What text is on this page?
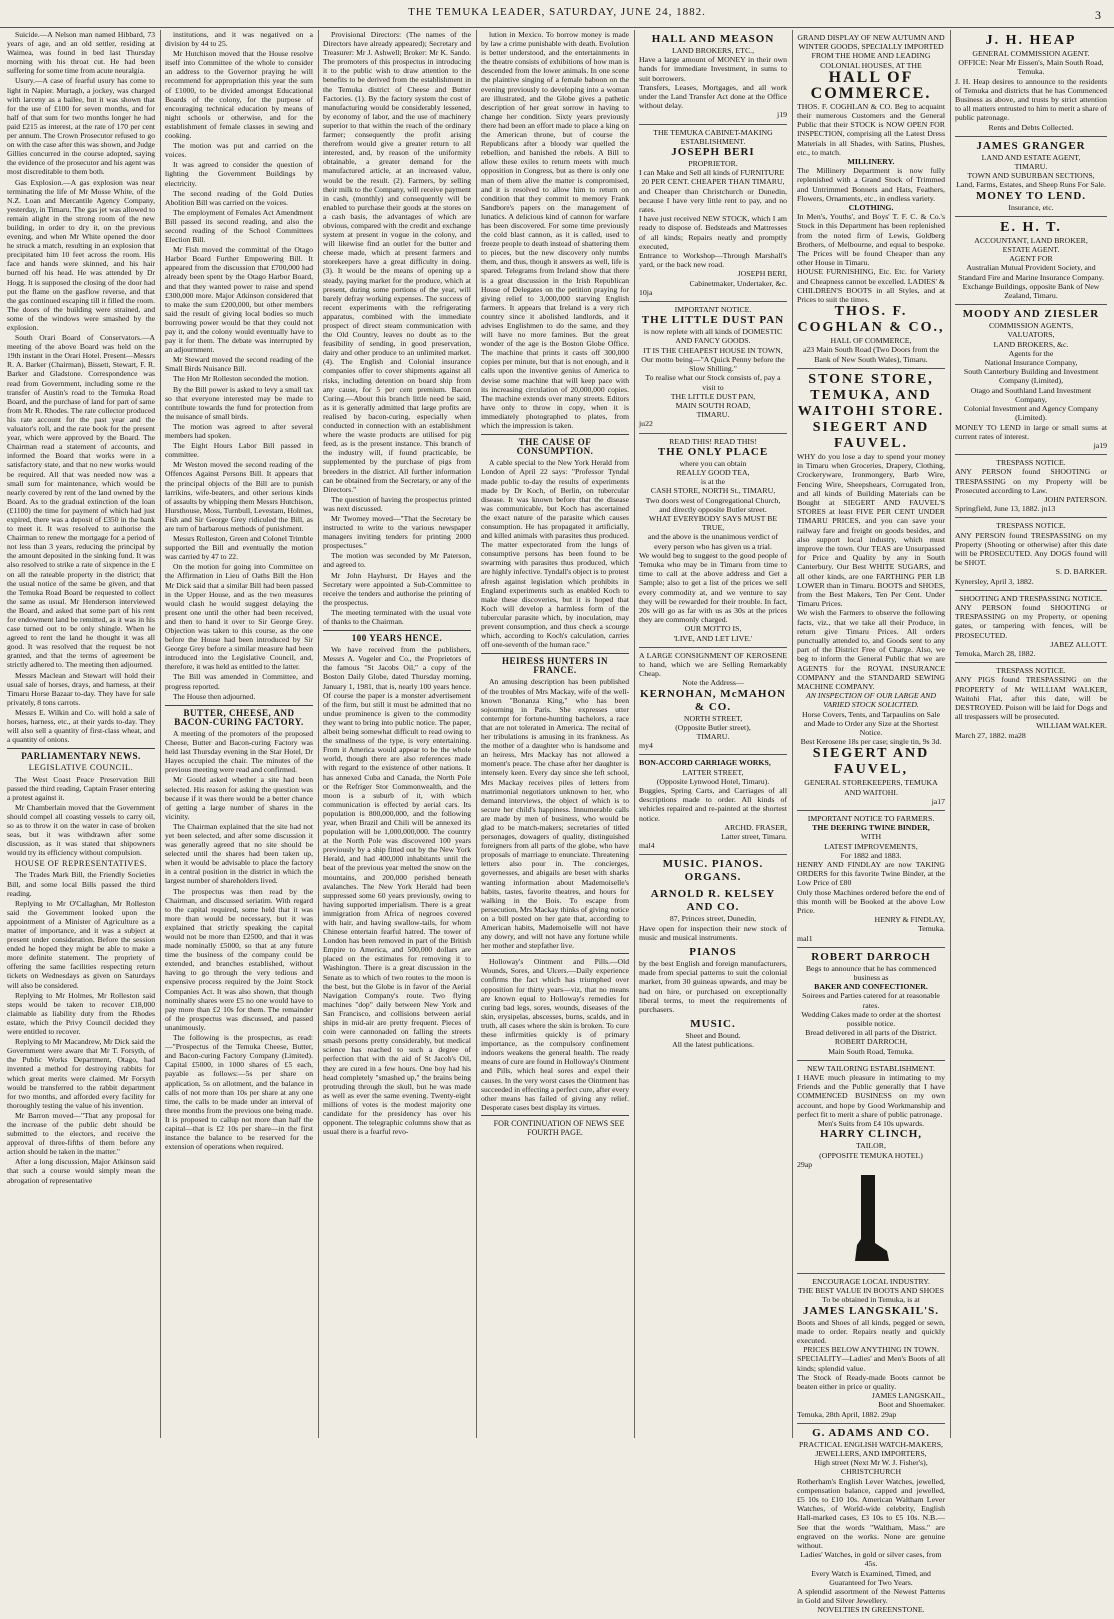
THE TEMUKA LEADER, SATURDAY, JUNE 24, 1882.	3

Suicide.—A Nelson man named Hibbard, 73 years of age, and an old settler, residing at Waimea, was found in bed last Thursday morning with his throat cut. He had been suffering for some time from acute neuralgia.

Usury.—A case of fearful usury has come to light in Napier. Murtagh, a jockey, was charged with larceny as a bailee, but it was shown that for the use of £100 for seven months, and for half of that sum for two months longer he had paid £215 as interest, at the rate of 170 per cent per annum. The Crown Prosecutor refused to go on with the case after this was shown, and Judge Gillies concurred in the course adopted, saying the evidence of the prosecutor and his agent was most discreditable to them both.

Gas Explosion.—A gas explosion was near terminating the life of Mr Mosse White, of the N.Z. Loan and Mercantile Agency Company, yesterday, in Timaru. The gas jet was allowed to remain alight in the strong room of the new building, in order to dry it, on the previous evening, and when Mr White opened the door he struck a match, resulting in an explosion that precipitated him 10 feet across the room. His face and hands were skinned, and his hair burned off his head. He was attended by Dr Hogg. It is supposed the closing of the door had put the flame on the gasflow reverse, and that the gas continued escaping till it filled the room. The doors of the building were strained, and some of the windows were smashed by the explosion.

South Orari Board of Conservators.—A meeting of the above Board was held on the 19th instant in the Orari Hotel. Present—Messrs R. A. Barker (Chairman), Bissett, Stewart, F. R. Barker and Gladstone. Correspondence was read from Government, including some re the transfer of Austin's road to the Temuka Road Board, and the purchase of land for part of same from Mr R. Rhodes. The rate collector produced his rate account for the past year and the valuator's roll, and the rate book for the present year, which were approved by the Board. The Chairman read a statement of accounts, and informed the Board that works were in a satisfactory state, and that no new works would be required. All that was needed now was a small sum for maintenance, which would be nearly covered by rent of the land owned by the Board. As to the gradual extinction of the loan (£1100) the time for payment of which had just expired, there was a deposit of £350 in the bank to meet it. It was resolved to authorise the Chairman to renew the mortgage for a period of not less than 3 years, reducing the principal by the amount deposited in the sinking fund. It was also resolved to strike a rate of sixpence in the £ on all the rateable property in the district; that the usual notice of the same be given, and that the Temuka Road Board be requested to collect the same as usual. Mr Henderson interviewed the Board, and asked that some part of his rent for endowment land be remitted, as it was in his case turned out to be only shingle. When he agreed to rent the land he thought it was all good. It was resolved that the request be not granted, and that the terms of agreement be strictly adhered to. The meeting then adjourned.

Messrs Maclean and Stewart will hold their usual sale of horses, drays, and harness, at their Timaru Horse Bazaar to-day. They have for sale privately, 8 tons carrots.

Messrs E. Wilkin and Co. will hold a sale of horses, harness, etc., at their yards to-day. They will also sell a quantity of first-class wheat, and a quantity of onions.

PARLIAMENTARY NEWS.
LEGISLATIVE COUNCIL.

The West Coast Peace Preservation Bill passed the third reading, Captain Fraser entering a protest against it.

Mr Chamberlain moved that the Government should compel all coasting vessels to carry oil, so as to throw it on the water in case of broken seas, but it was withdrawn after some discussion, as it was stated that shipowners would try its efficiency without compulsion.

HOUSE OF REPRESENTATIVES.

The Trades Mark Bill, the Friendly Societies Bill, and some local Bills passed the third reading.

Replying to Mr O'Callaghan, Mr Rolleston said the Government looked upon the appointment of a Minister of Agriculture as a matter of importance, and it was a subject at present under consideration. Before the session ended he hoped they might be able to make a more definite statement. The propriety of offering the same facilities respecting return tickets on Wednesdays as given on Saturdays will also be considered.

Replying to Mr Holmes, Mr Rolleston said steps would be taken to recover £18,000 claimable as liability duty from the Rhodes estate, which the Privy Council decided they were entitled to recover.

Replying to Mr Macandrew, Mr Dick said the Government were aware that Mr T. Forsyth, of the Public Works Department, Otago, had invented a method for destroying rabbits for which great merits were claimed. Mr Forsyth would be transferred to the rabbit department for two months, and afforded every facility for thoroughly testing the value of his invention.

Mr Barron moved—"That any proposal for the increase of the public debt should be submitted to the electors, and receive the approval of three-fifths of them before any action should be taken in the matter."

After a long discussion, Major Atkinson said that such a course would simply mean the abrogation of representative

institutions, and it was negatived on a division by 44 to 25.

Mr Hutchison moved that the House resolve itself into Committee of the whole to consider an address to the Governor praying he will recommend for appropriation this year the sum of £1000, to be divided amongst Educational Boards of the colony, for the purpose of encouraging technical education by means of night schools or otherwise, and for the establishment of female classes in sewing and cooking.

The motion was put and carried on the voices.

It was agreed to consider the question of lighting the Government Buildings by electricity.

The second reading of the Gold Duties Abolition Bill was carried on the voices.

The employment of Females Act Amendment Bill passed its second reading, and also the second reading of the School Committees Election Bill.

Mr Fish moved the committal of the Otago Harbor Board Further Empowering Bill. It appeared from the discussion that £700,000 had already been spent by the Otago Harbor Board, and that they wanted power to raise and spend £300,000 more. Major Atkinson considered that to make the sum £200,000, but other members said the result of giving local bodies so much borrowing power would be that they could not pay it, and the colony would eventually have to pay it for them. The debate was interrupted by an adjournment.

Mr Steward moved the second reading of the Small Birds Nuisance Bill.

The Hon Mr Rolleston seconded the motion.

By the Bill power is asked to levy a small tax so that everyone interested may be made to contribute towards the fund for protection from the nuisance of small birds.

The motion was agreed to after several members had spoken.

The Eight Hours Labor Bill passed in committee.

Mr Weston moved the second reading of the Offences Against Persons Bill. It appears that the principal objects of the Bill are to punish larrikins, wife-beaters, and other serious kinds of assaults by whipping them Messrs Hutchison, Hursthouse, Moss, Turnbull, Levestam, Holmes, Fish and Sir George Grey ridiculed the Bill, as are turn of barbarous methods of punishment.

Messrs Rolleston, Green and Colonel Trimble supported the Bill and eventually the motion was carried by 47 to 22.

On the motion for going into Committee on the Affirmation in Lieu of Oaths Bill the Hon Mr Dick said that a similar Bill had been passed in the Upper House, and as the two measures would clash he would suggest delaying the present one until the other had been received, and then to hand it over to Sir George Grey. Objection was taken to this course, as the one before the House had been introduced by Sir George Grey before a similar measure had been introduced into the Legislative Council, and, therefore, it was held as entitled to the latter.

The Bill was amended in Committee, and progress reported.

The House then adjourned.

BUTTER, CHEESE, AND BACON-CURING FACTORY.

A meeting of the promoters of the proposed Cheese, Butter and Bacon-curing Factory was held last Thursday evening in the Star Hotel, Dr Hayes occupied the chair. The minutes of the previous meeting were read and confirmed.

Mr Gould asked whether a site had been selected. His reason for asking the question was because if it was there would be a better chance of getting a large number of shares in the vicinity.

The Chairman explained that the site had not yet been selected, and after some discussion it was generally agreed that no site should be selected until the shares had been taken up, when it would be advisable to place the factory in a central position in the district in which the largest number of shareholders lived.

The prospectus was then read by the Chairman, and discussed seriatim. With regard to the capital required, some held that it was more than would be necessary, but it was explained that strictly speaking the capital would not be more than £2500, and that it was made nominally £5000, so that at any future time the business of the company could be extended, and branches established, without having to go through the very tedious and expensive process required by the Joint Stock Companies Act. It was also shown, that though nominally shares were £5 no one would have to pay more than £2 10s for them. The remainder of the prospectus was discussed, and passed unanimously.

The following is the prospectus, as read:—"Prospectus of the Temuka Cheese, Butter, and Bacon-curing Factory Company (Limited). Capital £5000, in 1000 shares of £5 each, payable as follows:—5s per share on application, 5s on allotment, and the balance in calls of not more than 10s per share at any one time, the calls to be made under an interval of three months from the previous one being made. It is proposed to callup not more than half the capital—that is £2 10s per share—in the first instance the balance to be reserved for the extension of operations when required.

Provisional Directors: (The names of the Directors have already appeared); Secretary and Treasurer: Mr J. Ashwell; Broker: Mr K. Sando. The promoters of this prospectus in introducing it to the public wish to draw attention to the benefits to be derived from the establishment in the Temuka district of Cheese and Butter Factories. (1). By the factory system the cost of manufacturing would be considerably lessened, by economy of labor, and the use of machinery superior to that within the reach of the ordinary farmer; consequently the profit arising therefrom would give a greater return to all interested, and, by reason of the uniformity obtainable, a greater demand for the manufactured article, at an increased value, would be the result. (2). Farmers, by selling their milk to the Company, will receive payment in cash, (monthly) and consequently will be enabled to purchase their goods at the stores on a cash basis, the advantages of which are obvious, compared with the credit and exchange system at present in vogue in the colony, and will likewise find an outlet for the butter and cheese made, which at present farmers and storekeepers have a great difficulty in doing. (3). It would be the means of opening up a steady, paying market for the produce, which at present, during some portions of the year, will barely defray working expenses. The success of recent experiments with the refrigerating apparatus, combined with the immediate prospect of direct steam communication with the Old Country, leaves no doubt as to the feasibility of sending, in good preservation, dairy and other produce to an unlimited market. (4). The English and Colonial insurance companies offer to cover shipments against all risks, including detention on board ship from any cause, for 5 per cent premium. Bacon Curing.—About this branch little need be said, as it is generally admitted that large profits are realised by bacon-curing, especially when conducted in connection with an establishment where the waste products are utilised for pig feed, as is the present instance. This branch of the industry will, if found practicable, be supplemented by the purchase of pigs from breeders in the district. All further information can be obtained from the Secretary, or any of the Directors."

The question of having the prospectus printed was next discussed.

Mr Twomey moved—"That the Secretary be instructed to write to the various newspaper managers inviting tenders for printing 2000 prospectuses."

The motion was seconded by Mr Paterson, and agreed to.

Mr John Hayhurst, Dr Hayes and the Secretary were appointed a Sub-Committee to receive the tenders and authorise the printing of the prospectus.

The meeting terminated with the usual vote of thanks to the Chairman.

100 YEARS HENCE.

We have received from the publishers, Messrs A. Vogeler and Co., the Proprietors of the famous "St Jacobs Oil," a copy of the Boston Daily Globe, dated Thursday morning, January 1, 1981, that is, nearly 100 years hence. Of course the paper is a monster advertisement of the firm, but still it must be admitted that no undue prominence is given to the commodity they want to bring into public notice. The paper, albeit being somewhat difficult to read owing to the smallness of the type, is very entertaining. From it America would appear to be the whole world, though there are also references made with regard to the existence of other nations. It has annexed Cuba and Canada, the North Pole or the Refriger Stor Commonwealth, and the moon is a suburb of it, with which communication is effected by aerial cars. Its population is 800,000,000, and the following year, when Brazil and Chili will be annexed its population will be 1,000,000,000. The country at the North Pole was discovered 100 years previously by a ship fitted out by the New York Herald, and had 400,000 inhabitants until the beat of the previous year melted the snow on the mountains, and 200,000 perished beneath avalanches. The New York Herald had been suppressed some 60 years previously, owing to having supported imperialism. There is a great immigration from Africa of negroes covered with hair, and having swallow-tails, for whom Chinese entertain fearful hatred. The tower of London has been removed in part of the British Empire to America, and 500,000 dollars are placed on the estimates for removing it to Washington. There is a great discussion in the Senate as to which of two routes to the moon is the best, but the Globe is in favor of the Aerial Navigation Company's route. Two flying machines "dop" daily between New York and San Francisco, and collisions between aerial ships in mid-air are pretty frequent. Pieces of coin were cannonaded on falling the streets smash persons pretty considerably, but medical science has reached to such a degree of perfection that with the aid of St Jacob's Oil, they are cured in a few hours. One boy had his head completely "smashed up," the brains being protruding through the skull, but he was made as well as ever the same evening. Twenty-eight millions of votes is the modest majority one candidate for the presidency has over his opponent. The telegraphic columns show that as usual there is a fearful revo-

lution in Mexico. To borrow money is made by law a crime punishable with death. Evolution is better understood, and the entertainments in the theatre consists of exhibitions of how man is descended from the lower animals. In one scene the plaintive singing of a female baboon on the evening previously to developing into a woman are illustrated, and the Globe gives a pathetic description of her great sorrow in having to change her condition. Sixty years previously there had been an effort made to place a king on the American throne, but of course the Republicans after a bloody war quelled the rebellion, and banished the rebels. A Bill to allow these exiles to return meets with much opposition in Congress, but as there is only one man of them alive the matter is compromised, and it is resolved to allow him to return on condition that they commit to memory Frank Sandbore's papers on the management of lunatics. A delicious kind of cannon for warfare has been discovered. For some time previously the cold blast cannon, as it is called, used to freeze people to death instead of shattering them to pieces, but the new discovery only numbs them, and thus, though it answers as well, life is spared. Telegrams from Ireland show that there is a great discussion in the Irish Republican House of Delegates on the petition praying for giving relief to 3,000,000 starving English farmers. It appears that Ireland is a very rich country since it abolished landlords, and it advises Englishmen to do the same, and they will have no more famines. But the great wonder of the age is the Boston Globe Office. The machine that prints it casts off 300,000 copies per minute, but that is not enough, and it calls upon the inventive genius of America to devise some machine that will keep pace with its increasing circulation of 20,000,000 copies. The machine extends over many streets. Editors have only to throw in copy, when it is immediately photographed to plates, from which the impression is taken.

THE CAUSE OF CONSUMPTION.

A cable special to the New York Herald from London of April 22 says: "Professor Tyndal made public to-day the results of experiments made by Dr Koch, of Berlin, on tubercular disease. It was known before that the disease was communicable, but Koch has ascertained the exact nature of the parasite which causes consumption. He has propagated it artificially, and killed animals with parasites thus produced. The matter expectorated from the lungs of consumptive persons has been found to be swarming with parasites thus produced, which are highly infective. Tyndall's object is to protest afresh against legislation which prohibits in England experiments such as enabled Koch to make these discoveries, but it is hoped that Koch will develop a harmless form of the tubercular parasite which, by inoculation, may prevent consumption, and thus check a scourge which, according to Koch's calculation, carries off one-seventh of the human race."

HEIRESS HUNTERS IN FRANCE.

An amusing description has been published of the troubles of Mrs Mackay, wife of the well-known "Bonanza King," who has been sojourning in Paris. She expresses utter contempt for fortune-hunting bachelors, a race that are not tolerated in America. The recital of her tribulations is amusing in its frankness. As the mother of a daughter who is handsome and an heiress, Mrs Mackay has not allowed a moment's peace. The chase after her daughter is intensely keen. Every day since she left school, Mrs Mackay receives piles of letters from matrimonial negotiators unknown to her, who demand interviews, the object of which is to secure her child's happiness. Innumerable calls are made by men of business, who would be glad to be match-makers; secretaries of titled personages, dowagers of quality, distinguished foreigners from all parts of the globe, who have proposals of marriage to enunciate. Threatening letters also pour in. The concierges, governesses, and abigails are beset with sharks wanting information about Mademoiselle's habits, tastes, favorite theatres, and hours for walking in the Bois. To escape from persecution, Mrs Mackay thinks of giving notice on a bill posted on her gate that, according to American habits, Mademoiselle will not have any dowry, and will not have any fortune while her mother and stepfather live.

Holloway's Ointment and Pills.—Old Wounds, Sores, and Ulcers.—Daily experience confirms the fact which has triumphed over opposition for thirty years—viz, that no means are known equal to Holloway's remedies for curing bad legs, sores, wounds, diseases of the skin, erysipelas, abscesses, burns, scalds, and in truth, all cases where the skin is broken. To cure these infirmities quickly is of primary importance, as the compulsory confinement indoors weakens the general health. The ready means of cure are found in Holloway's Ointment and Pills, which heal sores and expel their causes. In the very worst cases the Ointment has succeeded in effecting a perfect cure, after every other means has failed of giving any relief. Desperate cases best display its virtues.

FOR CONTINUATION OF NEWS SEE FOURTH PAGE.

HALL AND MEASON
LAND BROKERS, ETC.,
Have a large amount of MONEY in their own hands for immediate Investment, in sums to suit borrowers.
Transfers, Leases, Mortgages, and all work under the Land Transfer Act done at the Office without delay.
j19
THE TEMUKA CABINET-MAKING ESTABLISHMENT.
JOSEPH BERI
PROPRIETOR.
I can Make and Sell all kinds of FURNITURE
20 PER CENT. CHEAPER THAN TIMARU,
and Cheaper than Christchurch or Dunedin, because I have very little rent to pay, and no rates.
I have just received NEW STOCK, which I am ready to dispose of. Bedsteads and Mattresses of all kinds; Repairs neatly and promptly executed,
Entrance to Workshop—Through Marshall's yard, or the back new road.
JOSEPH BERI,
Cabinetmaker, Undertaker, &c.
10ja
IMPORTANT NOTICE.
THE LITTLE DUST PAN
is now replete with all kinds of DOMESTIC AND FANCY GOODS.
IT IS THE CHEAPEST HOUSE IN TOWN,
Our motto being—"A Quick Penny before the Slow Shilling."
To realise what our Stock consists of, pay a visit to
THE LITTLE DUST PAN,
MAIN SOUTH ROAD,
TIMARU.
ju22
READ THIS! READ THIS!
THE ONLY PLACE
where you can obtain
REALLY GOOD TEA,
is at the
CASH STORE, NORTH St., TIMARU,
Two doors west of Congregational Church,
and directly opposite Butler street.
WHAT EVERYBODY SAYS MUST BE TRUE,
and the above is the unanimous verdict of every person who has given us a trial.
We would beg to suggest to the good people of Temuka who may be in Timaru from time to time to call at the above address and Get a Sample; also to get a list of the prices we sell every commodity at, and we venture to say they will be rewarded for their trouble. In fact, 20s will go as far with us as 30s at the prices they are commonly charged.
OUR MOTTO IS,
'LIVE, AND LET LIVE.'
A LARGE CONSIGNMENT OF KEROSENE to hand, which we are Selling Remarkably Cheap.
Note the Address—
KERNOHAN, McMAHON & CO.
NORTH STREET,
(Opposite Butler street),
TIMARU.
my4
BON-ACCORD CARRIAGE WORKS,
LATTER STREET,
(Opposite Lynwood Hotel, Timaru).
Buggies, Spring Carts, and Carriages of all descriptions made to order. All kinds of vehicles repaired and re-painted at the shortest notice.
ARCHD. FRASER,
Latter street, Timaru.
mal4
MUSIC. PIANOS. ORGANS.
ARNOLD R. KELSEY AND CO.
87, Princes street, Dunedin,
Have open for inspection their new stock of music and musical instruments.
PIANOS
by the best English and foreign manufacturers, made from special patterns to suit the colonial market, from 30 guineas upwards, and may be had on hire, or purchased on exceptionally liberal terms, to meet the requirements of purchasers.
MUSIC.
Sheet and Bound.
All the latest publications.
GRAND DISPLAY OF NEW AUTUMN AND WINTER GOODS, SPECIALLY IMPORTED FROM THE HOME AND LEADING COLONIAL HOUSES, AT THE
HALL OF COMMERCE.
THOS. F. COGHLAN & CO. Beg to acquaint their numerous Customers and the General Public that their STOCK is NOW OPEN FOR INSPECTION, comprising all the Latest Dress Materials in all Shades, with Satins, Plushes, etc., to match.
MILLINERY.
The Millinery Department is now fully replenished with a Grand Stock of Trimmed and Untrimmed Bonnets and Hats, Feathers, Flowers, Ornaments, etc., in endless variety.
CLOTHING.
In Men's, Youths', and Boys' T. F. C. & Co.'s Stock in this Department has been replenished from the noted firm of Lewis, Goldberg Brothers, of Melbourne, and equal to bespoke. The Prices will be found Cheaper than any other House in Timaru.
HOUSE FURNISHING, Etc. Etc. for Variety and Cheapness cannot be excelled. LADIES' & CHILDREN'S BOOTS in all Styles, and at Prices to suit the times.
THOS. F. COGHLAN & CO.,
HALL OF COMMERCE,
a23 Main South Road (Two Doors from the Bank of New South Wales), Timaru.
STONE STORE, TEMUKA, AND WAITOHI STORE.
SIEGERT AND FAUVEL.
WHY do you lose a day to spend your money in Timaru when Groceries, Drapery, Clothing, Crockeryware, Ironmongery, Barb Wire, Fencing Wire, Sheepshears, Corrugated Iron, and all kinds of Building Materials can be Bought at SIEGERT AND FAUVEL'S STORES at least FIVE PER CENT UNDER TIMARU PRICES, and you can save your railway fare and freight on goods besides, and also support local industry, which must improve the town. Our TEAS are Unsurpassed for Price and Quality by any in South Canterbury. Our Best WHITE SUGARS, and all other kinds, are one FARTHING PER LB LOWER than in Timaru. BOOTS and SHOES, from the Best Makers, Ten Per Cent. Under Timaru Prices.
We wish the Farmers to observe the following facts, viz., that we take all their Produce, in return give Timaru Prices. All orders punctually attended to, and Goods sent to any part of the District Free of Charge. Also, we beg to inform the General Public that we are AGENTS for the ROYAL INSURANCE COMPANY and the STANDARD SEWING MACHINE COMPANY.
AN INSPECTION OF OUR LARGE AND VARIED STOCK SOLICITED.
Horse Covers, Tents, and Tarpaulins on Sale and Made to Order any Size at the Shortest Notice.
Best Kerosene 18s per case; single tin, 9s 3d.
SIEGERT AND FAUVEL,
GENERAL STOREKEEPERS, TEMUKA AND WAITOHI.
ja17
IMPORTANT NOTICE TO FARMERS.
THE DEERING TWINE BINDER,
WITH
LATEST IMPROVEMENTS,
For 1882 and 1883.
HENRY AND FINDLAY are now TAKING ORDERS for this favorite Twine Binder, at the Low Price of £80
Only those Machines ordered before the end of this month will be Booked at the above Low Price.
HENRY & FINDLAY,
Temuka.
mal1
ROBERT DARROCH
Begs to announce that he has commenced business as
BAKER AND CONFECTIONER.
Soirees and Parties catered for at reasonable rates.
Wedding Cakes made to order at the shortest possible notice.
Bread delivered in all parts of the District.
ROBERT DARROCH,
Main South Road, Temuka.
NEW TAILORING ESTABLISHMENT.
I HAVE much pleasure in intimating to my Friends and the Public generally that I have COMMENCED BUSINESS on my own account, and hope by Good Workmanship and perfect fit to merit a share of public patronage.
Men's Suits from £4 10s upwards.
HARRY CLINCH,
TAILOR,
(OPPOSITE TEMUKA HOTEL)
29ap
ENCOURAGE LOCAL INDUSTRY.
THE BEST VALUE IN BOOTS AND SHOES
To be obtained in Temuka, is at
JAMES LANGSKAIL'S.
Boots and Shoes of all kinds, pegged or sewn, made to order. Repairs neatly and quickly executed.
PRICES BELOW ANYTHING IN TOWN.
SPECIALITY—Ladies' and Men's Boots of all kinds; splendid value.
The Stock of Ready-made Boots cannot be beaten either in price or quality.
JAMES LANGSKAIL,
Boot and Shoemaker.
Temuka, 28th April, 1882. 29ap
G. ADAMS AND CO.
PRACTICAL ENGLISH WATCH-MAKERS, JEWELLERS, AND IMPORTERS,
High street (Next Mr W. J. Fisher's), CHRISTCHURCH
Rotherham's English Lever Watches, jewelled, compensation balance, capped and jewelled, £5 10s to £10 10s. American Waltham Lever Watches, of World-wide celebrity, English Hall-marked cases, £3 10s to £5 10s. N.B.—See that the words "Waltham, Mass." are engraved on the works. None are genuine without.
Ladies' Watches, in gold or silver cases, from 45s.
Every Watch is Examined, Timed, and Guaranteed for Two Years.
A splendid assortment of the Newest Patterns in Gold and Silver Jewellery.
NOVELTIES IN GREENSTONE.
J. H. HEAP
GENERAL COMMISSION AGENT.
OFFICE: Near Mr Eissen's, Main South Road, Temuka.
J. H. Heap desires to announce to the residents of Temuka and districts that he has Commenced Business as above, and trusts by strict attention to all matters entrusted to him to merit a share of public patronage.
Rents and Debts Collected.
JAMES GRANGER
LAND AND ESTATE AGENT,
TIMARU.
TOWN AND SUBURBAN SECTIONS,
Land, Farms, Estates, and Sheep Runs For Sale.
MONEY TO LEND.
Insurance, etc.
E. H. T.
ACCOUNTANT, LAND BROKER,
ESTATE AGENT.
AGENT FOR
Australian Mutual Provident Society, and Standard Fire and Marine Insurance Company.
Exchange Buildings, opposite Bank of New Zealand, Timaru.
MOODY AND ZIESLER
COMMISSION AGENTS,
VALUATORS,
LAND BROKERS, &c.
Agents for the
National Insurance Company,
South Canterbury Building and Investment Company (Limited),
Otago and Southland Land Investment Company,
Colonial Investment and Agency Company (Limited).
MONEY TO LEND in large or small sums at current rates of interest.
ja19
TRESPASS NOTICE.
ANY PERSON found SHOOTING or TRESPASSING on my Property will be Prosecuted according to Law.
JOHN PATERSON.
Springfield, June 13, 1882. jn13
TRESPASS NOTICE.
ANY PERSON found TRESPASSING on my Property (Shooting or otherwise) after this date will be PROSECUTED. Any DOGS found will be SHOT.
S. D. BARKER.
Kynersley, April 3, 1882.
SHOOTING AND TRESPASSING NOTICE.
ANY PERSON found SHOOTING or TRESPASSING on my Property, or opening gates, or tampering with fences, will be PROSECUTED.
JABEZ ALLOTT.
Temuka, March 28, 1882.
TRESPASS NOTICE.
ANY PIGS found TRESPASSING on the PROPERTY of Mr WILLIAM WALKER, Waitohi Flat, after this date, will be DESTROYED. Poison will be laid for Dogs and all trespassers will be prosecuted.
WILLIAM WALKER.
March 27, 1882. ma28
